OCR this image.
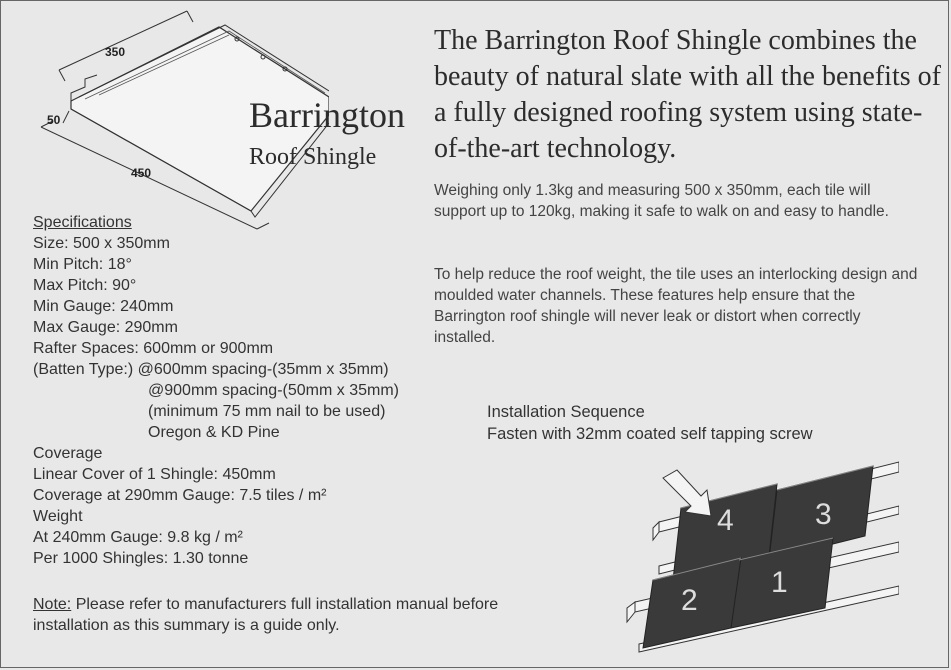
350
50
450
Barrington
Roof Shingle
The Barrington Roof Shingle combines the beauty of natural slate with all the benefits of a fully designed roofing system using state-of-the-art technology.
Weighing only 1.3kg and measuring 500 x 350mm, each tile will support up to 120kg, making it safe to walk on and easy to handle.
To help reduce the roof weight, the tile uses an interlocking design and moulded water channels. These features help ensure that the Barrington roof shingle will never leak or distort when correctly installed.
Specifications
Size: 500 x 350mm
Min Pitch: 18°
Max Pitch: 90°
Min Gauge: 240mm
Max Gauge: 290mm
Rafter Spaces: 600mm or 900mm
(Batten Type:) @600mm spacing-(35mm x 35mm)
@900mm spacing-(50mm x 35mm)
(minimum 75 mm nail to be used)
Oregon & KD Pine
Coverage
Linear Cover of 1 Shingle: 450mm
Coverage at 290mm Gauge: 7.5 tiles / m²
Weight
At 240mm Gauge: 9.8 kg / m²
Per 1000 Shingles: 1.30 tonne
Note: Please refer to manufacturers full installation manual before installation as this summary is a guide only.
Installation Sequence
Fasten with 32mm coated self tapping screw
4	3
1
2
